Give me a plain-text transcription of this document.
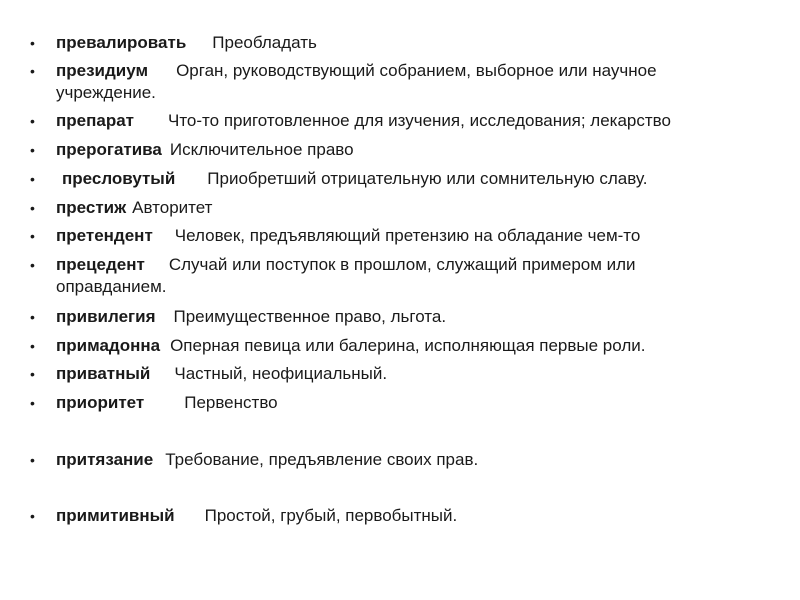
•	превалировать Преобладать
•	президиум Орган, руководствующий собранием, выборное или научное
учреждение.
•	препарат Что-то приготовленное для изучения, исследования; лекарство
•	прерогатива Исключительное право
•	пресловутый Приобретший отрицательную или сомнительную славу.
•	престиж Авторитет
•	претендент Человек, предъявляющий претензию на обладание чем-то
•	прецедент Случай или поступок в прошлом, служащий примером или
оправданием.
•	привилегия Преимущественное право, льгота.
•	примадонна Оперная певица или балерина, исполняющая первые роли.
•	приватный Частный, неофициальный.
•	приоритет Первенство
•	притязание Требование, предъявление своих прав.
•	примитивный Простой, грубый, первобытный.
